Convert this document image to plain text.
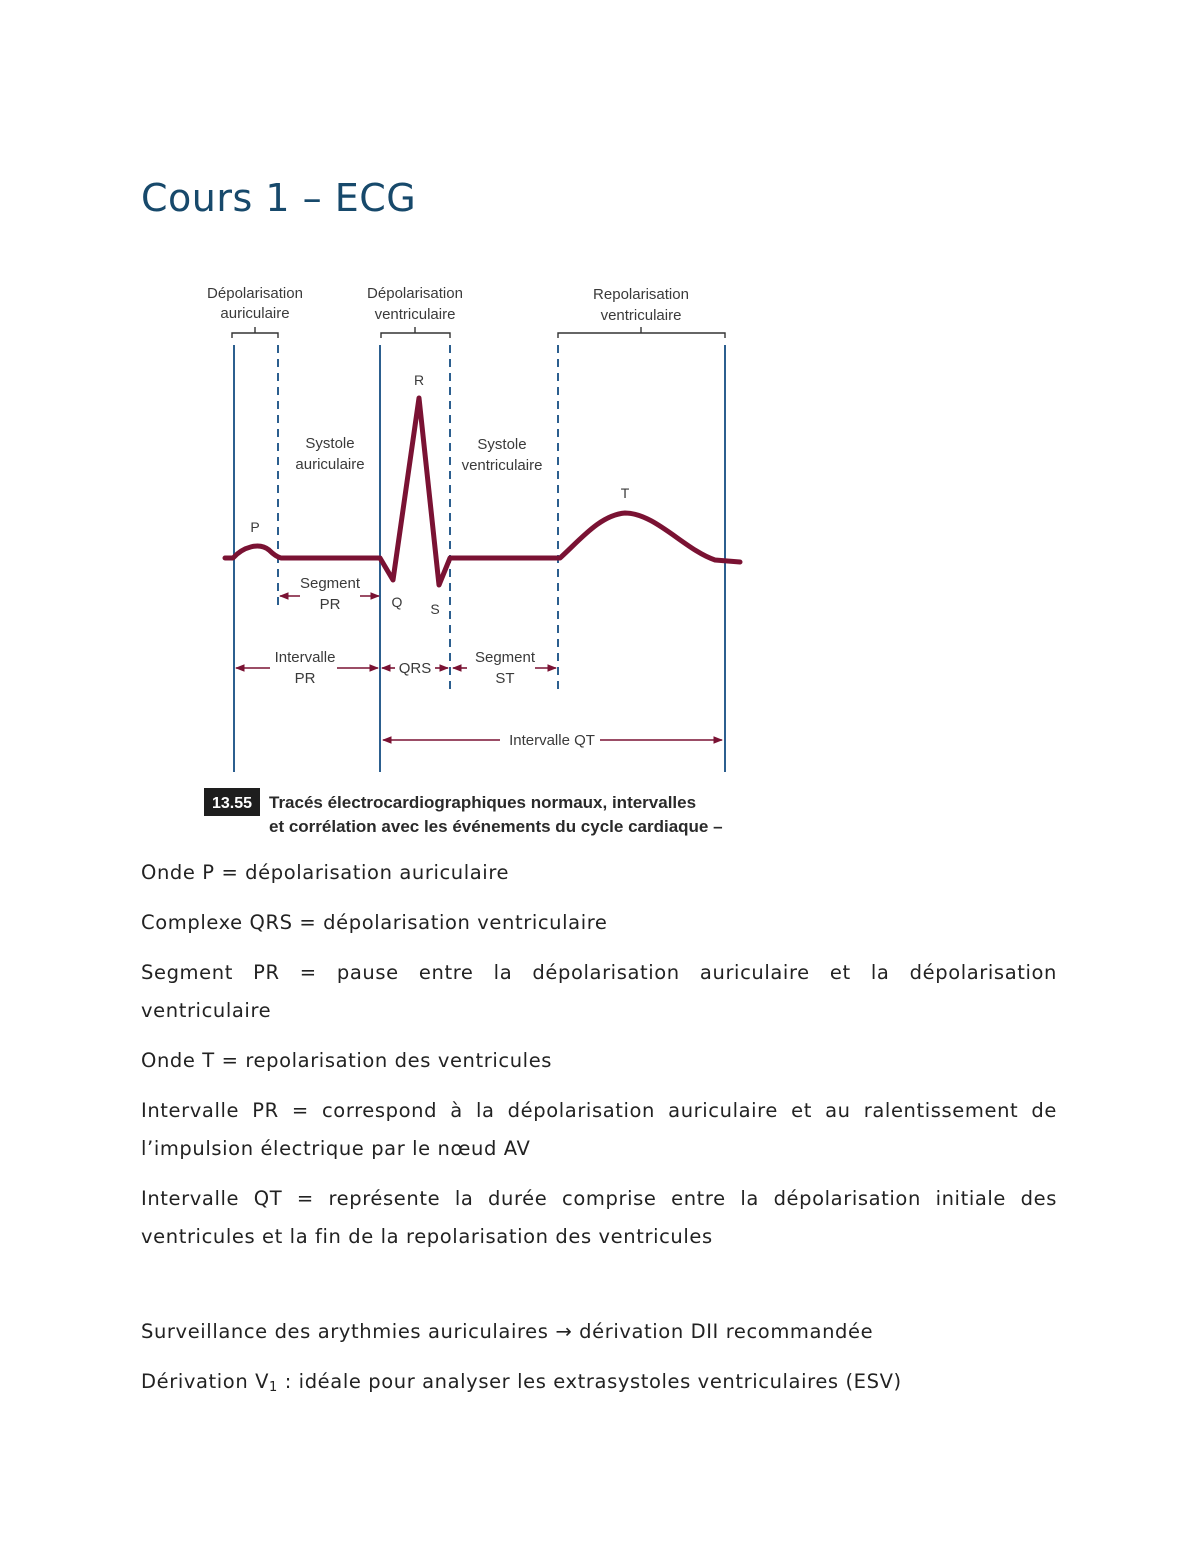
Cours 1 – ECG
Dépolarisation
auriculaire
Dépolarisation
ventriculaire
Repolarisation
ventriculaire
P
R
Q S
T
Systole
auriculaire
Systole
ventriculaire
Segment
PR
Intervalle
PR
QRS
Segment
ST
Intervalle QT
13.55 Tracés électrocardiographiques normaux, intervalles
et corrélation avec les événements du cycle cardiaque –

Onde P = dépolarisation auriculaire

Complexe QRS = dépolarisation ventriculaire

Segment PR = pause entre la dépolarisation auriculaire et la dépolarisation ventriculaire

Onde T = repolarisation des ventricules

Intervalle PR = correspond à la dépolarisation auriculaire et au ralentissement de l’impulsion électrique par le nœud AV

Intervalle QT = représente la durée comprise entre la dépolarisation initiale des ventricules et la fin de la repolarisation des ventricules

Surveillance des arythmies auriculaires → dérivation DII recommandée

Dérivation $V_1$ : idéale pour analyser les extrasystoles ventriculaires (ESV)
